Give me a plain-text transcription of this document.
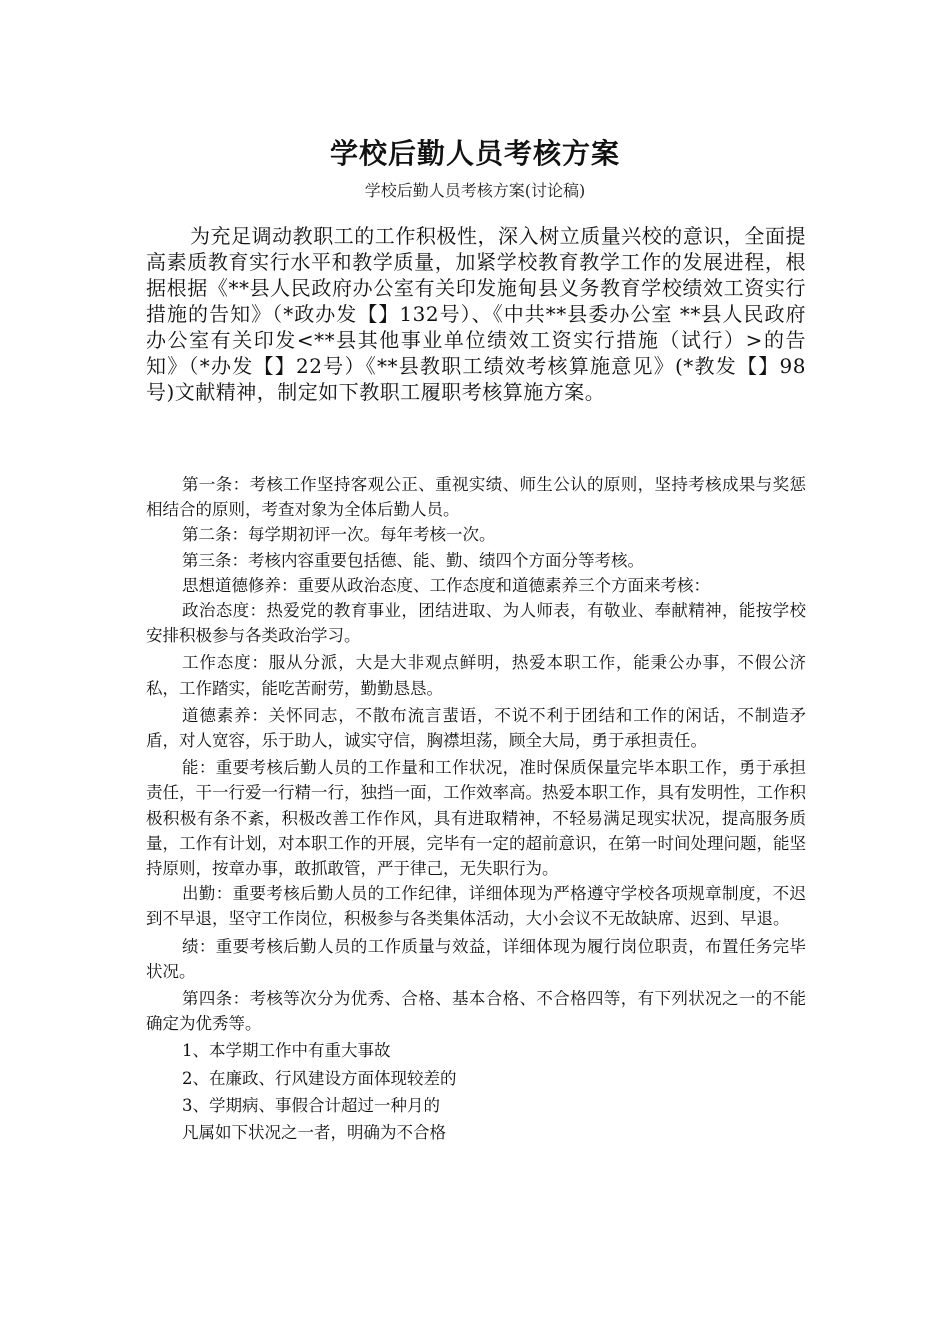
学校后勤人员考核方案
学校后勤人员考核方案(讨论稿)

为充足调动教职工的工作积极性，深入树立质量兴校的意识，全面提高素质教育实行水平和教学质量，加紧学校教育教学工作的发展进程，根据根据《**县人民政府办公室有关印发施甸县义务教育学校绩效工资实行措施的告知》（*政办发【】132号）、《中共**县委办公室 **县人民政府办公室有关印发<**县其他事业单位绩效工资实行措施（试行）>的告知》（*办发【】22号）《**县教职工绩效考核算施意见》(*教发【】98号)文献精神，制定如下教职工履职考核算施方案。

第一条：考核工作坚持客观公正、重视实绩、师生公认的原则，坚持考核成果与奖惩相结合的原则，考查对象为全体后勤人员。

第二条：每学期初评一次。每年考核一次。

第三条：考核内容重要包括德、能、勤、绩四个方面分等考核。

思想道德修养：重要从政治态度、工作态度和道德素养三个方面来考核：

政治态度：热爱党的教育事业，团结进取、为人师表，有敬业、奉献精神，能按学校安排积极参与各类政治学习。

工作态度：服从分派，大是大非观点鲜明，热爱本职工作，能秉公办事，不假公济私，工作踏实，能吃苦耐劳，勤勤恳恳。

道德素养：关怀同志，不散布流言蜚语，不说不利于团结和工作的闲话，不制造矛盾，对人宽容，乐于助人，诚实守信，胸襟坦荡，顾全大局，勇于承担责任。

能：重要考核后勤人员的工作量和工作状况，准时保质保量完毕本职工作，勇于承担责任，干一行爱一行精一行，独挡一面，工作效率高。热爱本职工作，具有发明性，工作积极积极有条不紊，积极改善工作作风，具有进取精神，不轻易满足现实状况，提高服务质量，工作有计划，对本职工作的开展，完毕有一定的超前意识，在第一时间处理问题，能坚持原则，按章办事，敢抓敢管，严于律己，无失职行为。

出勤：重要考核后勤人员的工作纪律，详细体现为严格遵守学校各项规章制度，不迟到不早退，坚守工作岗位，积极参与各类集体活动，大小会议不无故缺席、迟到、早退。

绩：重要考核后勤人员的工作质量与效益，详细体现为履行岗位职责，布置任务完毕状况。

第四条：考核等次分为优秀、合格、基本合格、不合格四等，有下列状况之一的不能确定为优秀等。

1、本学期工作中有重大事故

2、在廉政、行风建设方面体现较差的

3、学期病、事假合计超过一种月的

凡属如下状况之一者，明确为不合格
